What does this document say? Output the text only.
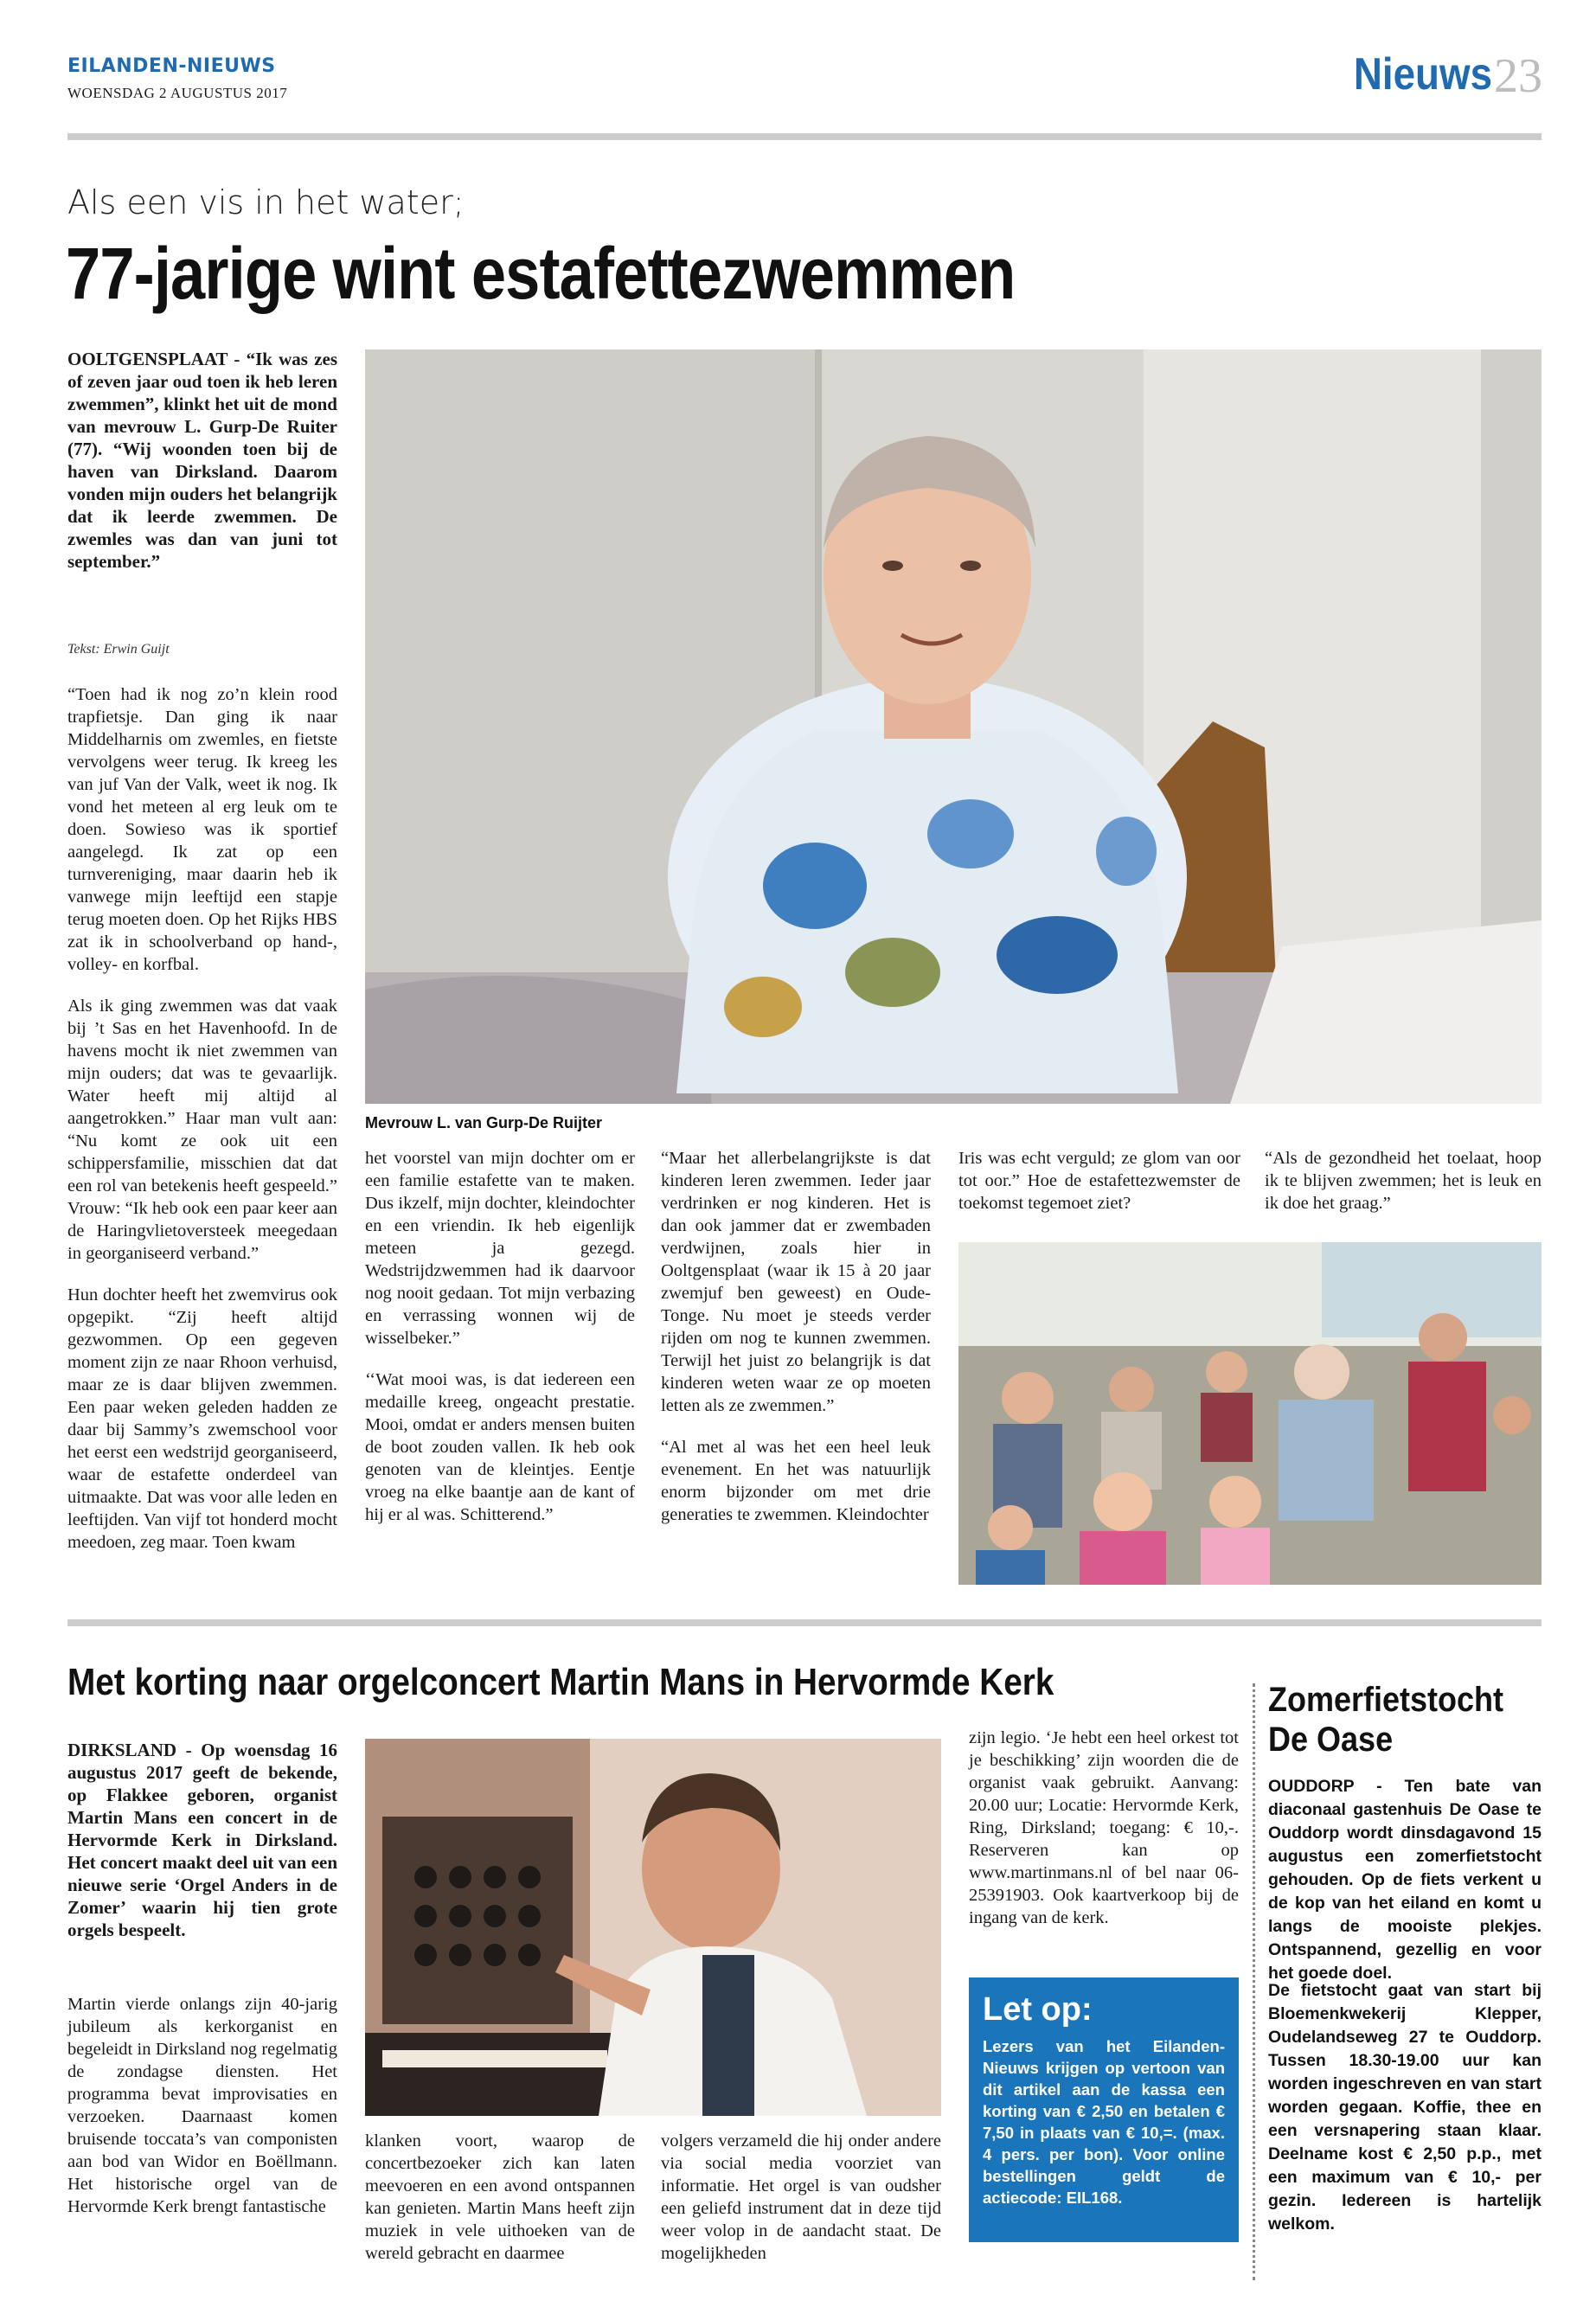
EILANDEN-NIEUWS
WOENSDAG 2 AUGUSTUS 2017	Nieuws 23
Als een vis in het water;
77-jarige wint estafettezwemmen
OOLTGENSPLAAT - “Ik was zes of zeven jaar oud toen ik heb leren zwemmen”, klinkt het uit de mond van mevrouw L. Gurp-De Ruiter (77). “Wij woonden toen bij de haven van Dirksland. Daarom vonden mijn ouders het belangrijk dat ik leerde zwemmen. De zwemles was dan van juni tot september.”
Tekst: Erwin Guijt

“Toen had ik nog zo’n klein rood trapfietsje. Dan ging ik naar Middelharnis om zwemles, en fietste vervolgens weer terug. Ik kreeg les van juf Van der Valk, weet ik nog. Ik vond het meteen al erg leuk om te doen. Sowieso was ik sportief aangelegd. Ik zat op een turnvereniging, maar daarin heb ik vanwege mijn leeftijd een stapje terug moeten doen. Op het Rijks HBS zat ik in schoolverband op hand-, volley- en korfbal.

Als ik ging zwemmen was dat vaak bij ’t Sas en het Havenhoofd. In de havens mocht ik niet zwemmen van mijn ouders; dat was te gevaarlijk. Water heeft mij altijd al aangetrokken.” Haar man vult aan: “Nu komt ze ook uit een schippersfamilie, misschien dat dat een rol van betekenis heeft gespeeld.” Vrouw: “Ik heb ook een paar keer aan de Haringvlietoversteek meegedaan in georganiseerd verband.”

Hun dochter heeft het zwemvirus ook opgepikt. “Zij heeft altijd gezwommen. Op een gegeven moment zijn ze naar Rhoon verhuisd, maar ze is daar blijven zwemmen. Een paar weken geleden hadden ze daar bij Sammy’s zwemschool voor het eerst een wedstrijd georganiseerd, waar de estafette onderdeel van uitmaakte. Dat was voor alle leden en leeftijden. Van vijf tot honderd mocht meedoen, zeg maar. Toen kwam

Mevrouw L. van Gurp-De Ruijter

het voorstel van mijn dochter om er een familie estafette van te maken. Dus ikzelf, mijn dochter, kleindochter en een vriendin. Ik heb eigenlijk meteen ja gezegd. Wedstrijdzwemmen had ik daarvoor nog nooit gedaan. Tot mijn verbazing en verrassing wonnen wij de wisselbeker.”

‘‘Wat mooi was, is dat iedereen een medaille kreeg, ongeacht prestatie. Mooi, omdat er anders mensen buiten de boot zouden vallen. Ik heb ook genoten van de kleintjes. Eentje vroeg na elke baantje aan de kant of hij er al was. Schitterend.”

“Maar het allerbelangrijkste is dat kinderen leren zwemmen. Ieder jaar verdrinken er nog kinderen. Het is dan ook jammer dat er zwembaden verdwijnen, zoals hier in Ooltgensplaat (waar ik 15 à 20 jaar zwemjuf ben geweest) en Oude-Tonge. Nu moet je steeds verder rijden om nog te kunnen zwemmen. Terwijl het juist zo belangrijk is dat kinderen weten waar ze op moeten letten als ze zwemmen.”

“Al met al was het een heel leuk evenement. En het was natuurlijk enorm bijzonder om met drie generaties te zwemmen. Kleindochter

Iris was echt verguld; ze glom van oor tot oor.” Hoe de estafettezwemster de toekomst tegemoet ziet?

“Als de gezondheid het toelaat, hoop ik te blijven zwemmen; het is leuk en ik doe het graag.”

Met korting naar orgelconcert Martin Mans in Hervormde Kerk
DIRKSLAND - Op woensdag 16 augustus 2017 geeft de bekende, op Flakkee geboren, organist Martin Mans een concert in de Hervormde Kerk in Dirksland. Het concert maakt deel uit van een nieuwe serie ‘Orgel Anders in de Zomer’ waarin hij tien grote orgels bespeelt.
Martin vierde onlangs zijn 40-jarig jubileum als kerkorganist en begeleidt in Dirksland nog regelmatig de zondagse diensten. Het programma bevat improvisaties en verzoeken. Daarnaast komen bruisende toccata’s van componisten aan bod van Widor en Boëllmann. Het historische orgel van de Hervormde Kerk brengt fantastische
klanken voort, waarop de concertbezoeker zich kan laten meevoeren en een avond ontspannen kan genieten. Martin Mans heeft zijn muziek in vele uithoeken van de wereld gebracht en daarmee
volgers verzameld die hij onder andere via social media voorziet van informatie. Het orgel is van oudsher een geliefd instrument dat in deze tijd weer volop in de aandacht staat. De mogelijkheden
zijn legio. ‘Je hebt een heel orkest tot je beschikking’ zijn woorden die de organist vaak gebruikt. Aanvang: 20.00 uur; Locatie: Hervormde Kerk, Ring, Dirksland; toegang: € 10,-. Reserveren kan op www.martinmans.nl of bel naar 06-25391903. Ook kaartverkoop bij de ingang van de kerk.
Let op:
Lezers van het Eilanden-Nieuws krijgen op vertoon van dit artikel aan de kassa een korting van € 2,50 en betalen € 7,50 in plaats van € 10,=. (max. 4 pers. per bon). Voor online bestellingen geldt de actiecode: EIL168.
Zomerfietstocht
De Oase
OUDDORP - Ten bate van diaconaal gastenhuis De Oase te Ouddorp wordt dinsdagavond 15 augustus een zomerfietstocht gehouden. Op de fiets verkent u de kop van het eiland en komt u langs de mooiste plekjes. Ontspannend, gezellig en voor het goede doel.
De fietstocht gaat van start bij Bloemenkwekerij Klepper, Oudelandseweg 27 te Ouddorp. Tussen 18.30-19.00 uur kan worden ingeschreven en van start worden gegaan. Koffie, thee en een versnapering staan klaar. Deelname kost € 2,50 p.p., met een maximum van € 10,- per gezin. Iedereen is hartelijk welkom.
